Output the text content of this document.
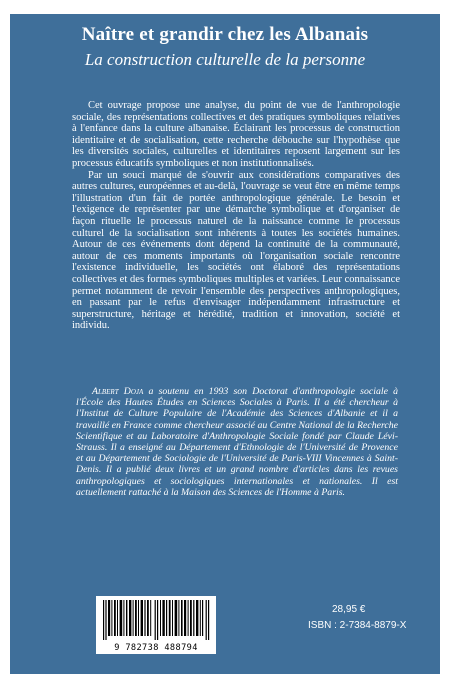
Naître et grandir chez les Albanais
La construction culturelle de la personne

Cet ouvrage propose une analyse, du point de vue de l'anthropologie sociale, des représentations collectives et des pratiques symboliques relatives à l'enfance dans la culture albanaise. Éclairant les processus de construction identitaire et de socialisation, cette recherche débouche sur l'hypothèse que les diversités sociales, culturelles et identitaires reposent largement sur les processus éducatifs symboliques et non institutionnalisés.

Par un souci marqué de s'ouvrir aux considérations comparatives des autres cultures, européennes et au-delà, l'ouvrage se veut être en même temps l'illustration d'un fait de portée anthropologique générale. Le besoin et l'exigence de représenter par une démarche symbolique et d'organiser de façon rituelle le processus naturel de la naissance comme le processus culturel de la socialisation sont inhérents à toutes les sociétés humaines. Autour de ces événements dont dépend la continuité de la communauté, autour de ces moments importants où l'organisation sociale rencontre l'existence individuelle, les sociétés ont élaboré des représentations collectives et des formes symboliques multiples et variées. Leur connaissance permet notamment de revoir l'ensemble des perspectives anthropologiques, en passant par le refus d'envisager indépendamment infrastructure et superstructure, héritage et hérédité, tradition et innovation, société et individu.

Albert Doja a soutenu en 1993 son Doctorat d'anthropologie sociale à l'École des Hautes Études en Sciences Sociales à Paris. Il a été chercheur à l'Institut de Culture Populaire de l'Académie des Sciences d'Albanie et il a travaillé en France comme chercheur associé au Centre National de la Recherche Scientifique et au Laboratoire d'Anthropologie Sociale fondé par Claude Lévi-Strauss. Il a enseigné au Département d'Ethnologie de l'Université de Provence et au Département de Sociologie de l'Université de Paris-VIII Vincennes à Saint-Denis. Il a publié deux livres et un grand nombre d'articles dans les revues anthropologiques et sociologiques internationales et nationales. Il est actuellement rattaché à la Maison des Sciences de l'Homme à Paris.

9 782738 488794
28,95 €
ISBN : 2-7384-8879-X
